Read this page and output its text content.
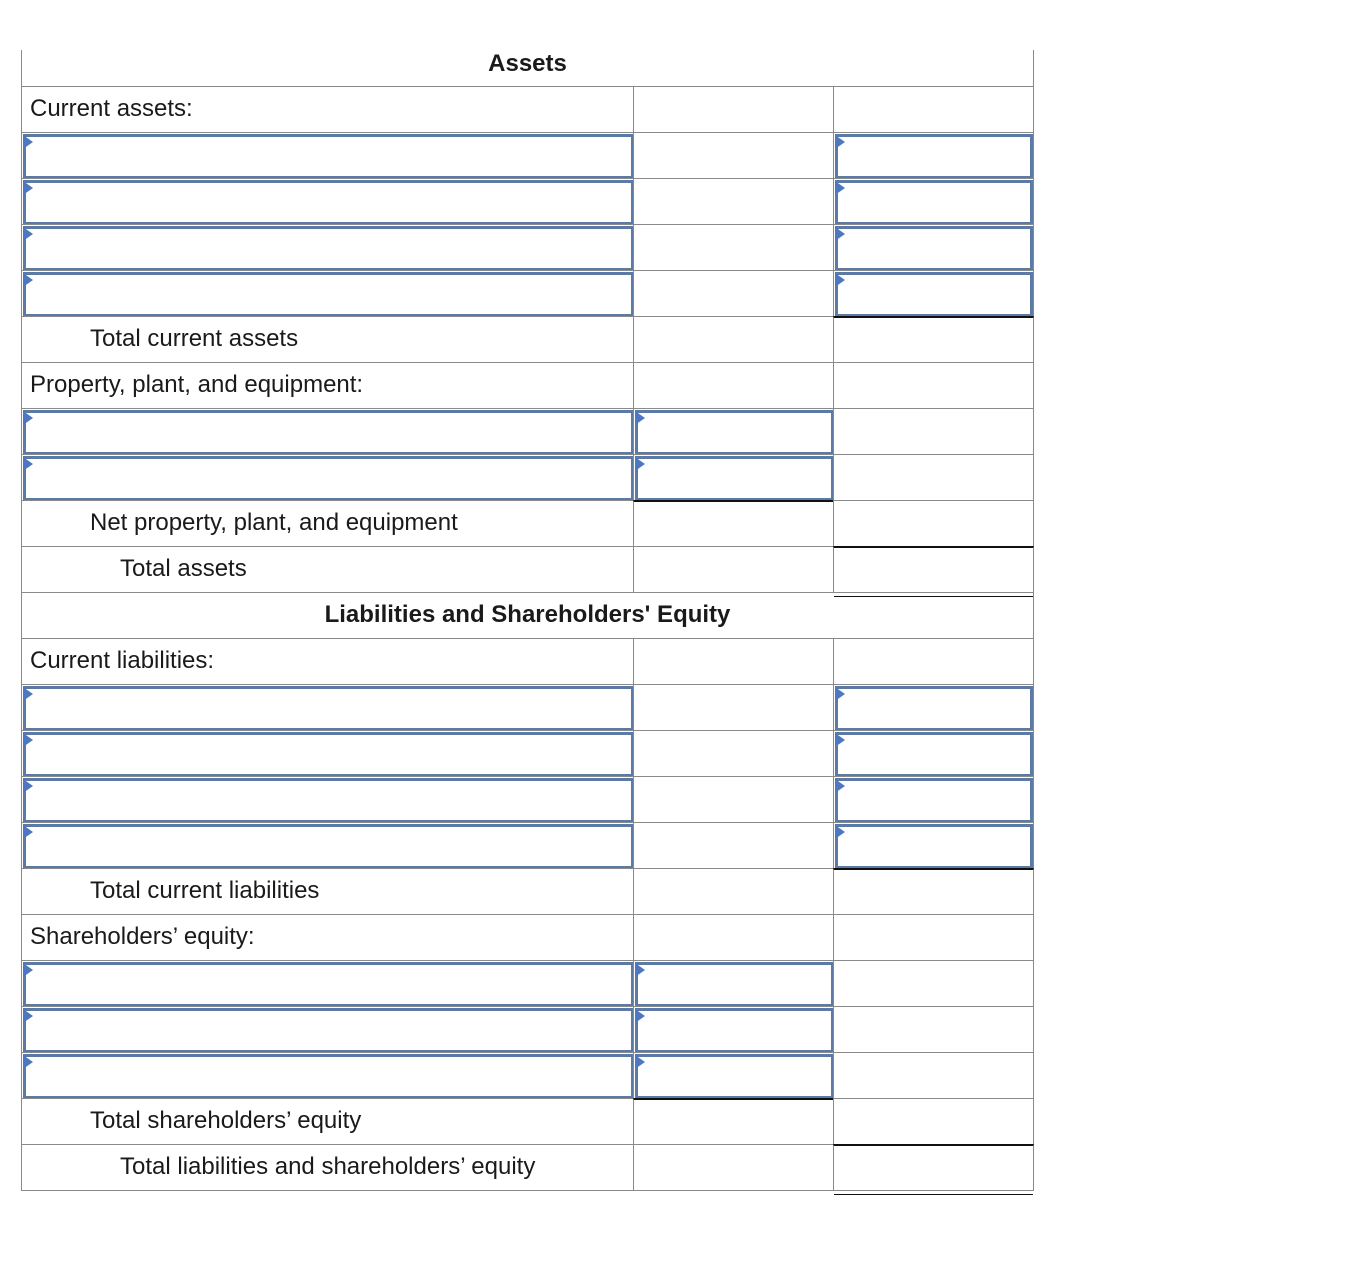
Assets
Current assets:
Total current assets
Property, plant, and equipment:
Net property, plant, and equipment
Total assets
Liabilities and Shareholders' Equity
Current liabilities:
Total current liabilities
Shareholders’ equity:
Total shareholders’ equity
Total liabilities and shareholders’ equity
